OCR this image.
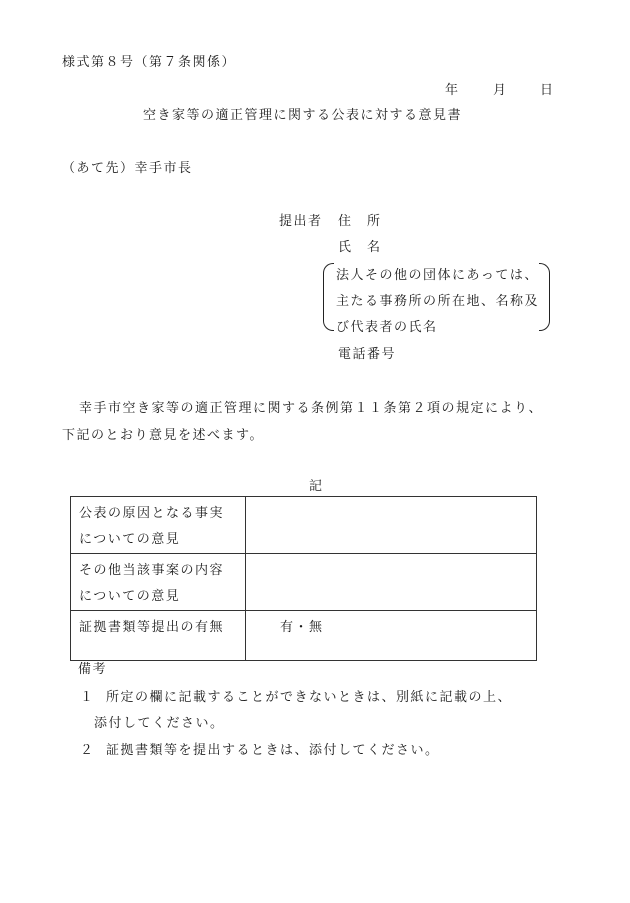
様式第８号（第７条関係）
年	月	日
空き家等の適正管理に関する公表に対する意見書
（あて先）幸手市長
提出者 住　所
氏　名
法人その他の団体にあっては、
主たる事務所の所在地、名称及
び代表者の氏名
電話番号
幸手市空き家等の適正管理に関する条例第１１条第２項の規定により、
下記のとおり意見を述べます。
記
公表の原因となる事実
についての意見	

その他当該事案の内容
についての意見	

証拠書類等提出の有無	有・無
備考
１ 所定の欄に記載することができないときは、別紙に記載の上、
添付してください。
２ 証拠書類等を提出するときは、添付してください。
